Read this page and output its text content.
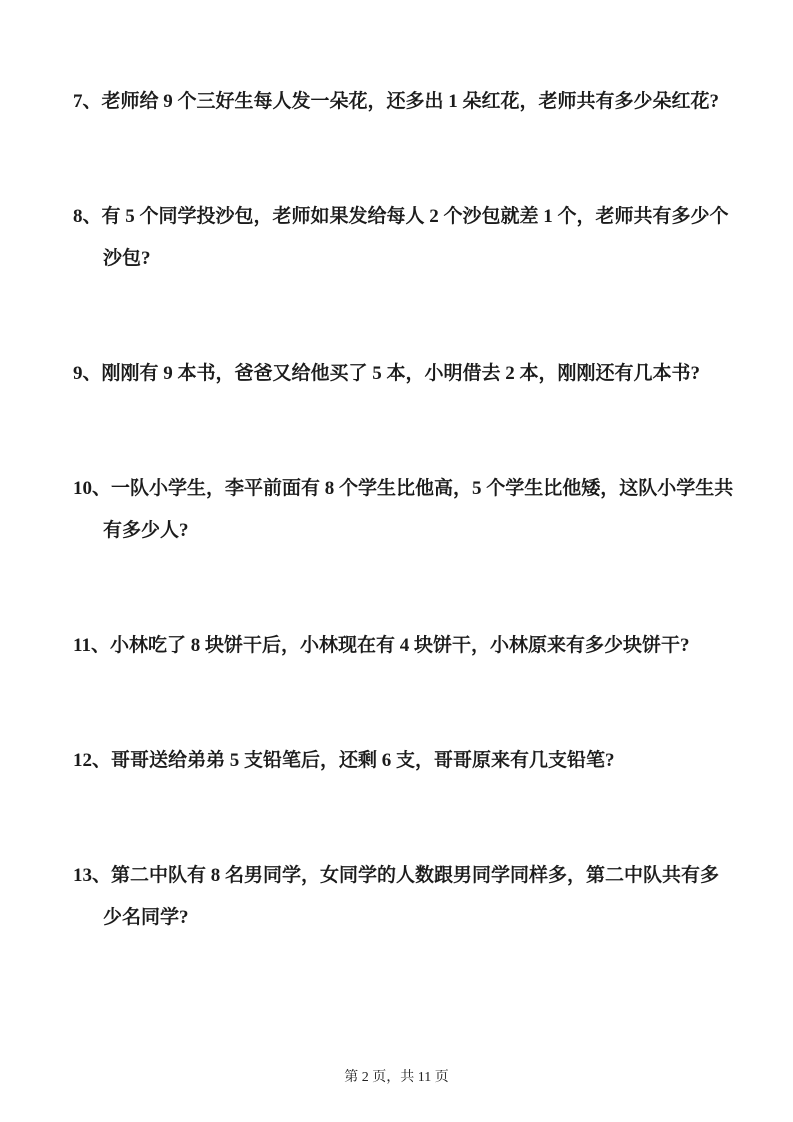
7、老师给 9 个三好生每人发一朵花，还多出 1 朵红花，老师共有多少朵红花?
8、有 5 个同学投沙包，老师如果发给每人 2 个沙包就差 1 个，老师共有多少个
沙包?
9、刚刚有 9 本书，爸爸又给他买了 5 本，小明借去 2 本，刚刚还有几本书?
10、一队小学生，李平前面有 8 个学生比他高，5 个学生比他矮，这队小学生共
有多少人?
11、小林吃了 8 块饼干后，小林现在有 4 块饼干，小林原来有多少块饼干?
12、哥哥送给弟弟 5 支铅笔后，还剩 6 支，哥哥原来有几支铅笔?
13、第二中队有 8 名男同学，女同学的人数跟男同学同样多，第二中队共有多
少名同学?
第 2 页，共 11 页
